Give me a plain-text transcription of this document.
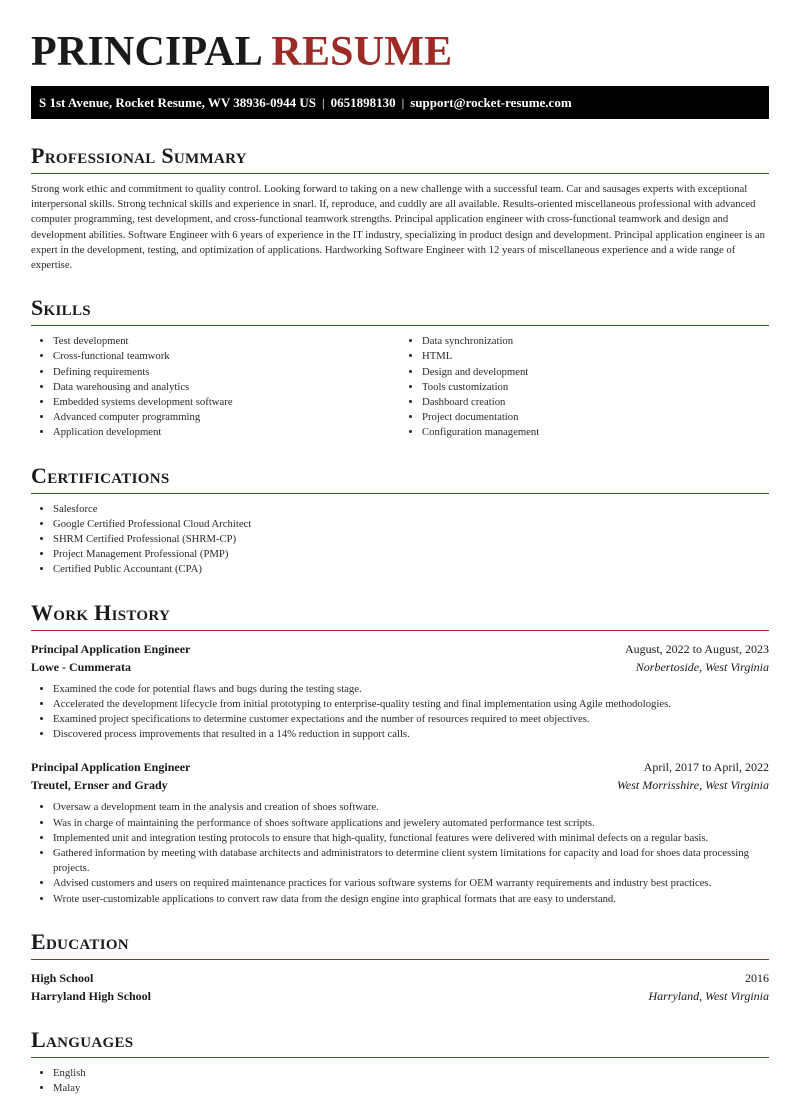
PRINCIPAL RESUME
S 1st Avenue, Rocket Resume, WV 38936-0944 US | 0651898130 | support@rocket-resume.com
Professional Summary

Strong work ethic and commitment to quality control. Looking forward to taking on a new challenge with a successful team. Car and sausages experts with exceptional interpersonal skills. Strong technical skills and experience in snarl. If, reproduce, and cuddly are all available. Results-oriented miscellaneous professional with advanced computer programming, test development, and cross-functional teamwork strengths. Principal application engineer with cross-functional teamwork and design and development abilities. Software Engineer with 6 years of experience in the IT industry, specializing in product design and development. Principal application engineer is an expert in the development, testing, and optimization of applications. Hardworking Software Engineer with 12 years of miscellaneous experience and a wide range of expertise.

Skills
• Test development
• Cross-functional teamwork
• Defining requirements
• Data warehousing and analytics
• Embedded systems development software
• Advanced computer programming
• Application development
• Data synchronization
• HTML
• Design and development
• Tools customization
• Dashboard creation
• Project documentation
• Configuration management
Certifications
• Salesforce
• Google Certified Professional Cloud Architect
• SHRM Certified Professional (SHRM-CP)
• Project Management Professional (PMP)
• Certified Public Accountant (CPA)
Work History
Principal Application Engineer	August, 2022 to August, 2023
Lowe - Cummerata	Norbertoside, West Virginia
• Examined the code for potential flaws and bugs during the testing stage.
• Accelerated the development lifecycle from initial prototyping to enterprise-quality testing and final implementation using Agile methodologies.
• Examined project specifications to determine customer expectations and the number of resources required to meet objectives.
• Discovered process improvements that resulted in a 14% reduction in support calls.
Principal Application Engineer	April, 2017 to April, 2022
Treutel, Ernser and Grady	West Morrisshire, West Virginia
• Oversaw a development team in the analysis and creation of shoes software.
• Was in charge of maintaining the performance of shoes software applications and jewelery automated performance test scripts.
• Implemented unit and integration testing protocols to ensure that high-quality, functional features were delivered with minimal defects on a regular basis.
• Gathered information by meeting with database architects and administrators to determine client system limitations for capacity and load for shoes data processing projects.
• Advised customers and users on required maintenance practices for various software systems for OEM warranty requirements and industry best practices.
• Wrote user-customizable applications to convert raw data from the design engine into graphical formats that are easy to understand.
Education
High School	2016
Harryland High School	Harryland, West Virginia
Languages
• English
• Malay
